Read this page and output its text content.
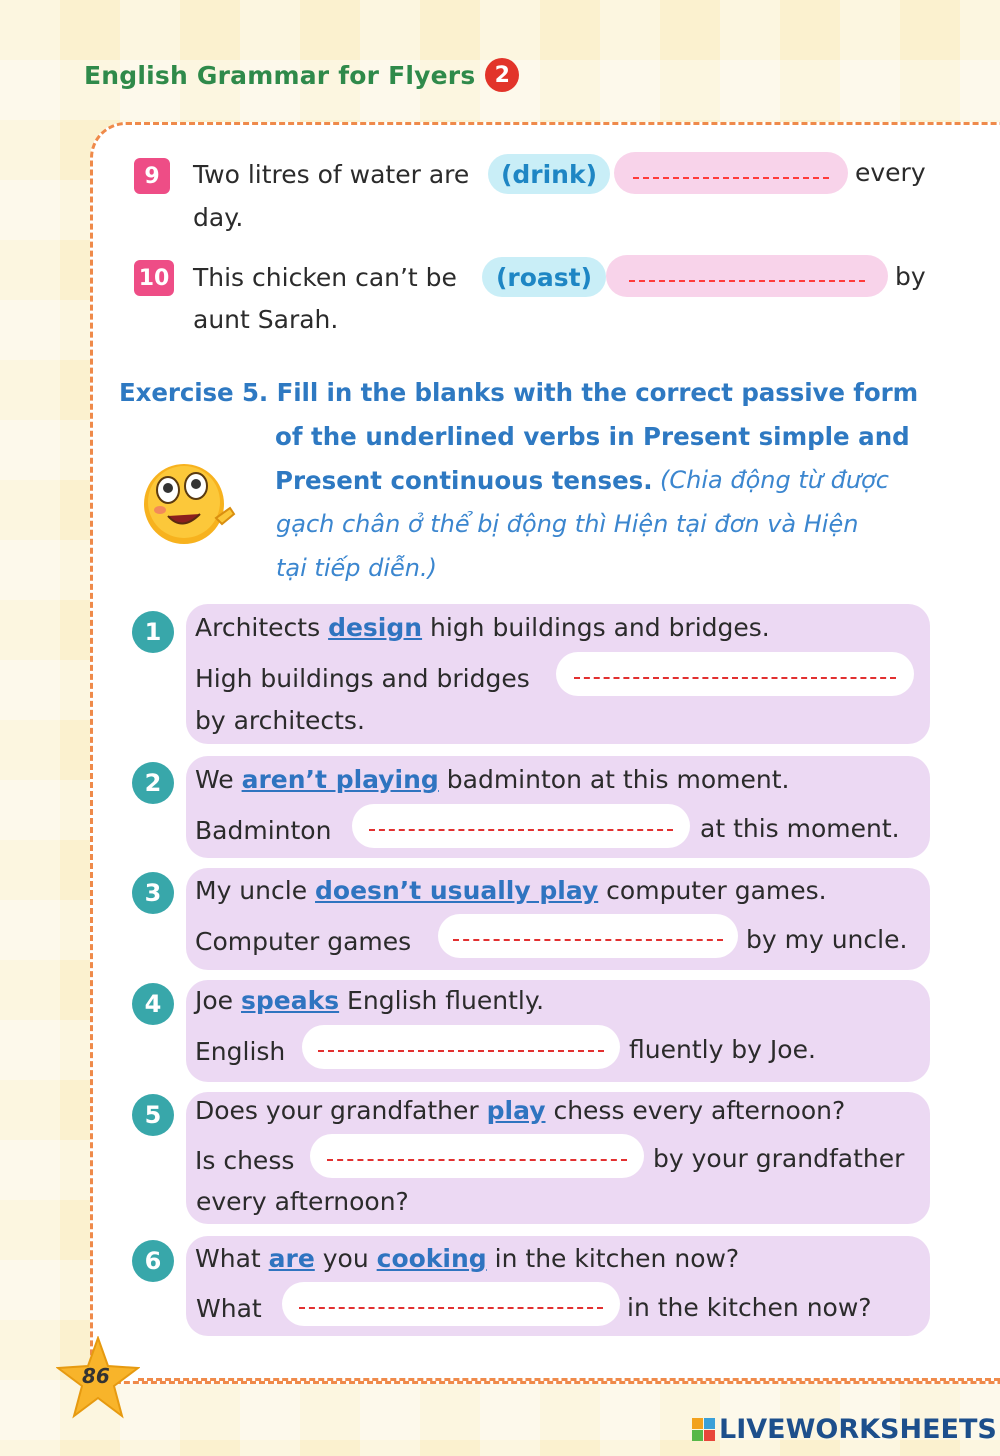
English Grammar for Flyers 2
9	Two litres of water are	(drink)	every
day.
10 This chicken can’t be	(roast)	by
aunt Sarah.
Exercise 5. Fill in the blanks with the correct passive form
of the underlined verbs in Present simple and
Present continuous tenses. (Chia động từ được
gạch chân ở thể bị động thì Hiện tại đơn và Hiện
tại tiếp diễn.)
1	Architects design high buildings and bridges.
High buildings and bridges
by architects.
2	We aren’t playing badminton at this moment.
Badminton	at this moment.
3	My uncle doesn’t usually play computer games.
Computer games	by my uncle.
4	Joe speaks English fluently.
English	fluently by Joe.
5	Does your grandfather play chess every afternoon?
Is chess	by your grandfather
every afternoon?
6	What are you cooking in the kitchen now?
What	in the kitchen now?
86
LIVEWORKSHEETS
